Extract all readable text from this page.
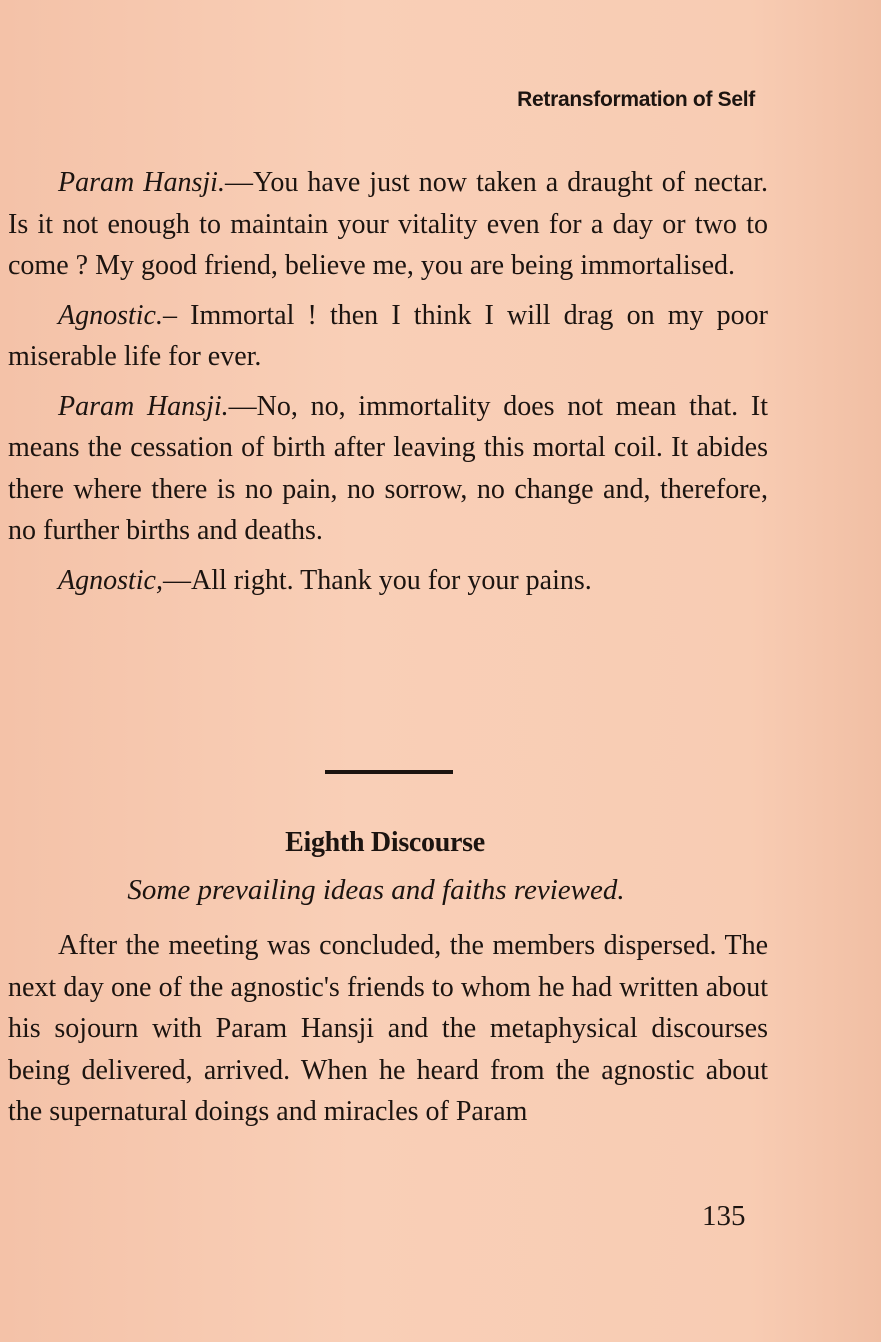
Retransformation of Self

Param Hansji.—You have just now taken a draught of nectar. Is it not enough to maintain your vitality even for a day or two to come ? My good friend, believe me, you are being immortalised.

Agnostic.– Immortal ! then I think I will drag on my poor miserable life for ever.

Param Hansji.—No, no, immortality does not mean that. It means the cessation of birth after leaving this mortal coil. It abides there where there is no pain, no sorrow, no change and, therefore, no further births and deaths.

Agnostic,—All right. Thank you for your pains.

Eighth Discourse
Some prevailing ideas and faiths reviewed.

After the meeting was concluded, the members dispersed. The next day one of the agnostic's friends to whom he had written about his sojourn with Param Hansji and the metaphysical discourses being delivered, arrived. When he heard from the agnostic about the supernatural doings and miracles of Param

135
